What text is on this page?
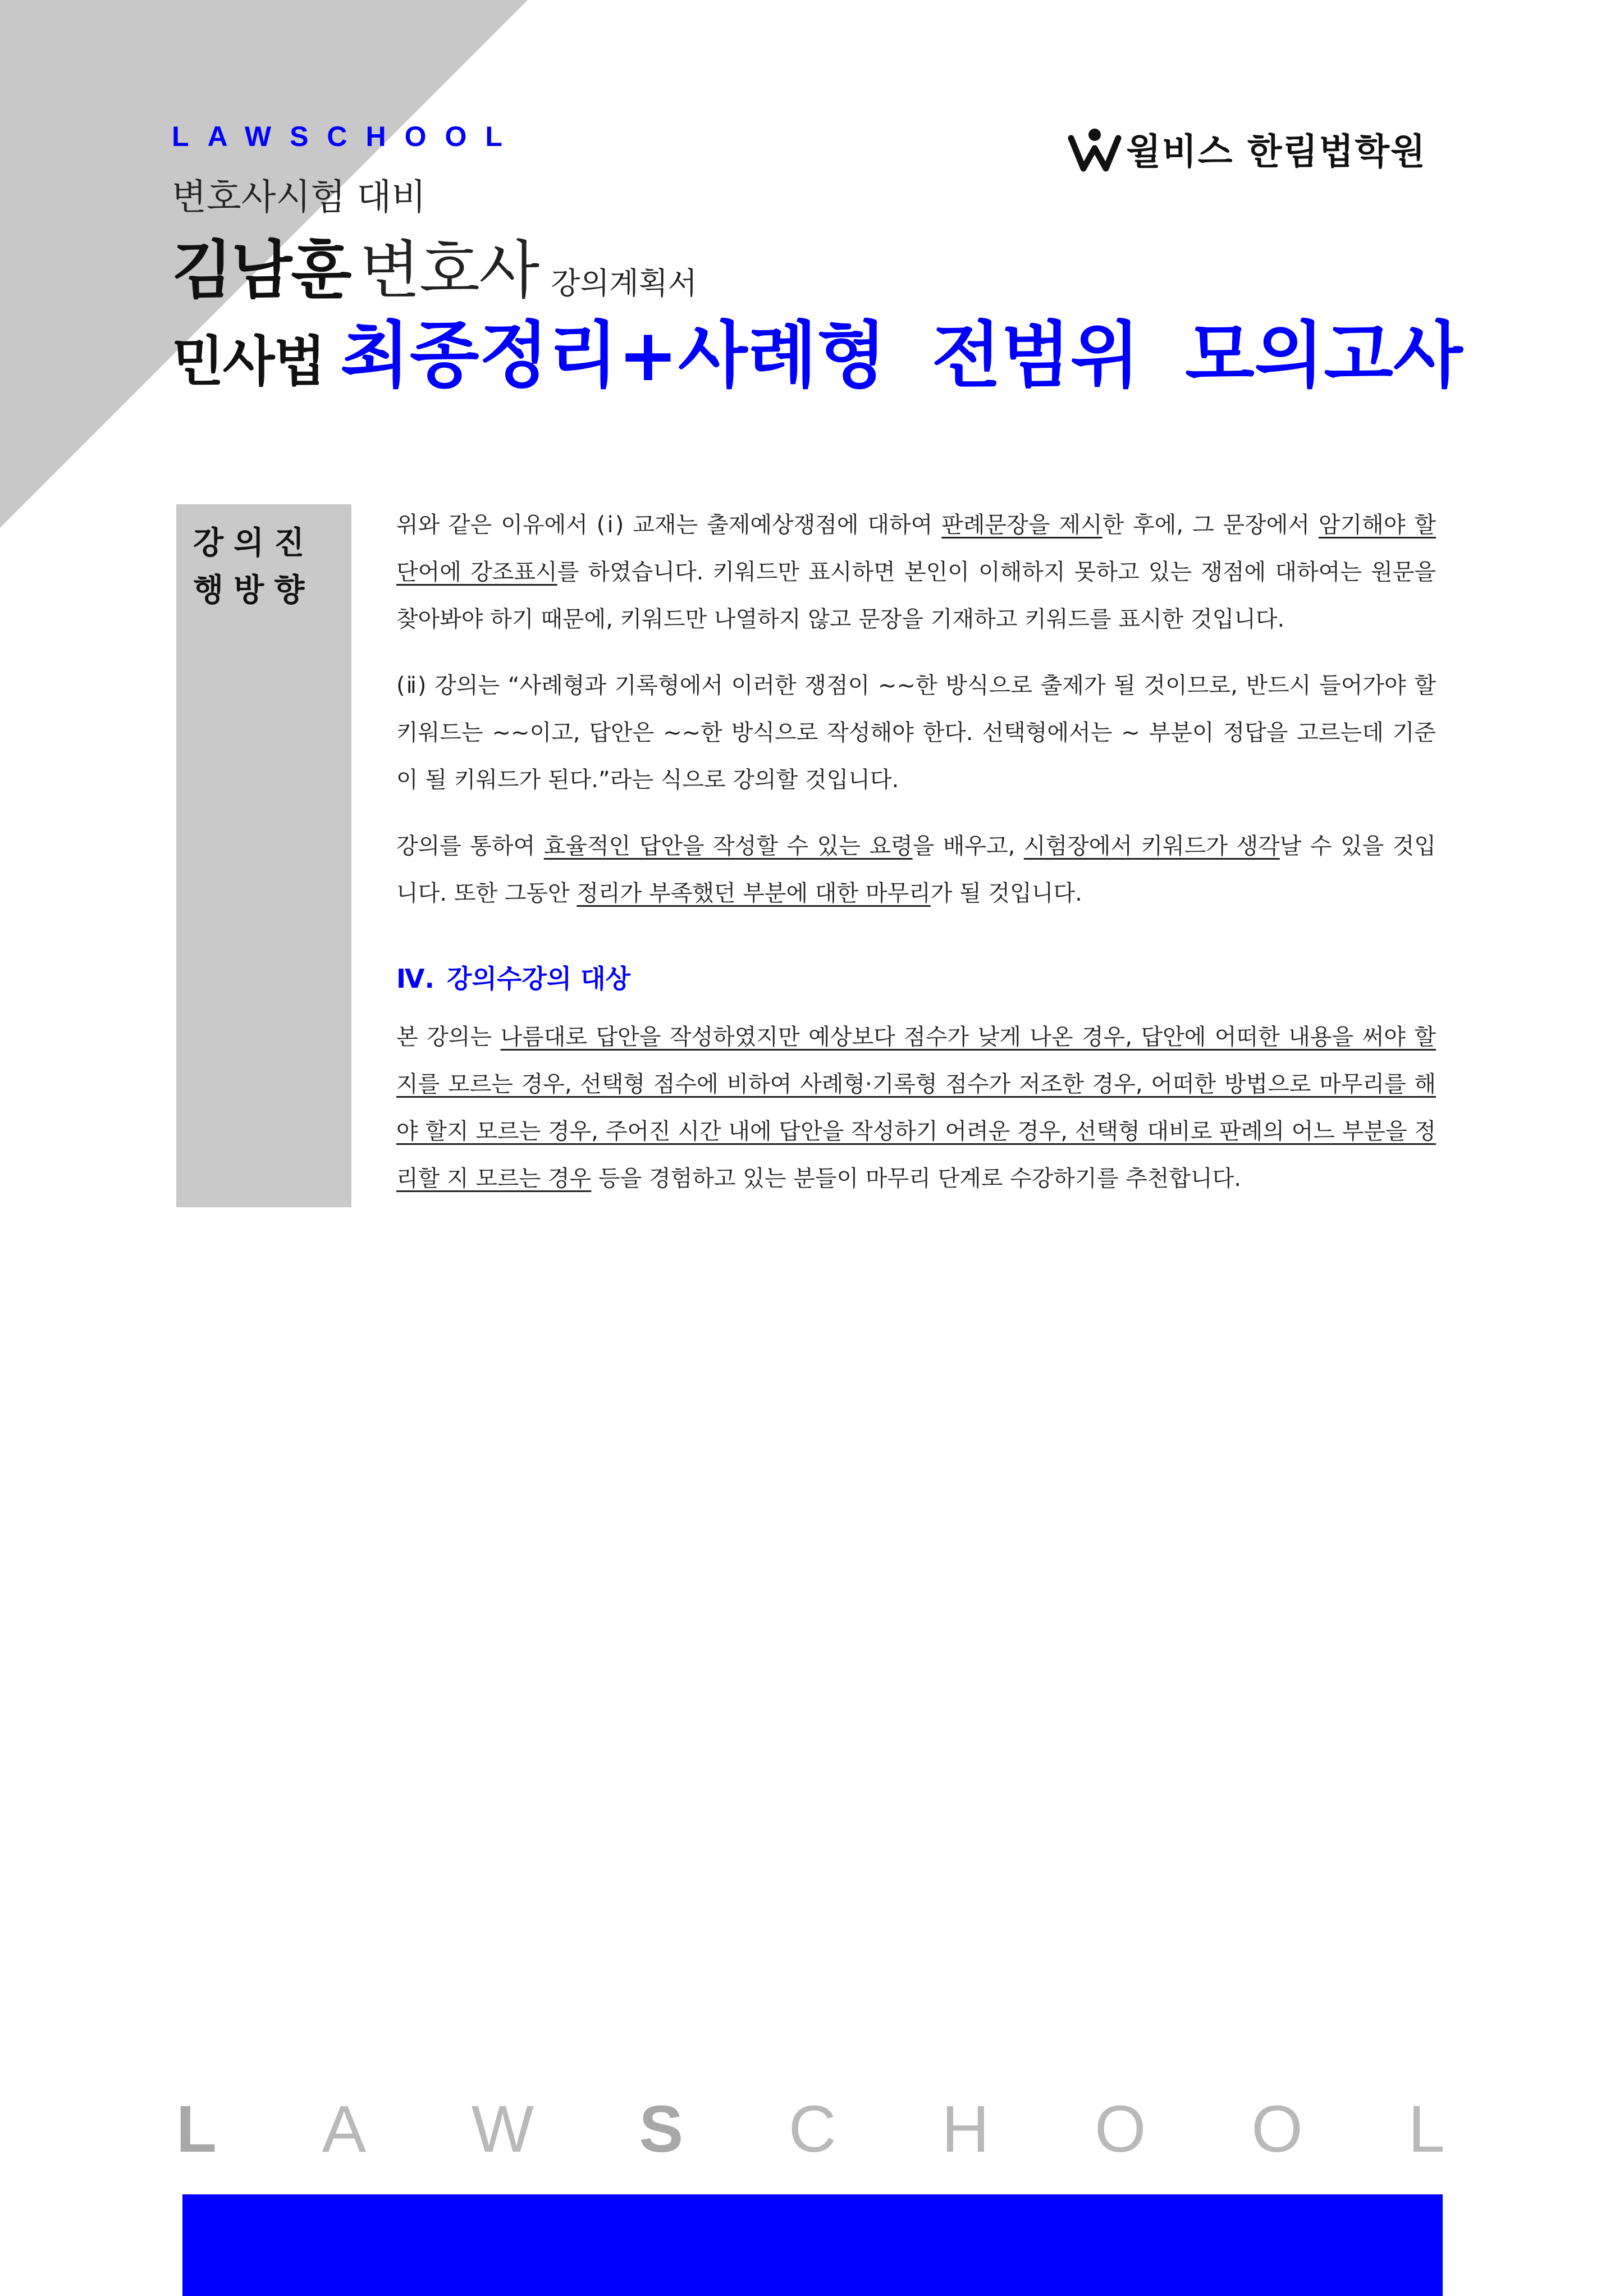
LAWSCHOOL	윌비스 한림법학원
변호사시험 대비
김남훈 변호사 강의계획서
민사법 최종정리+사례형 전범위 모의고사
강의진행방향

위와 같은 이유에서 (ⅰ) 교재는 출제예상쟁점에 대하여 판례문장을 제시한 후에, 그 문장에서 암기해야 할 단어에 강조표시를 하였습니다. 키워드만 표시하면 본인이 이해하지 못하고 있는 쟁점에 대하여는 원문을 찾아봐야 하기 때문에, 키워드만 나열하지 않고 문장을 기재하고 키워드를 표시한 것입니다.

(ⅱ) 강의는 “사례형과 기록형에서 이러한 쟁점이 ~~한 방식으로 출제가 될 것이므로, 반드시 들어가야 할 키워드는 ~~이고, 답안은 ~~한 방식으로 작성해야 한다. 선택형에서는 ~ 부분이 정답을 고르는데 기준이 될 키워드가 된다.”라는 식으로 강의할 것입니다.

강의를 통하여 효율적인 답안을 작성할 수 있는 요령을 배우고, 시험장에서 키워드가 생각날 수 있을 것입니다. 또한 그동안 정리가 부족했던 부분에 대한 마무리가 될 것입니다.

Ⅳ. 강의수강의 대상

본 강의는 나름대로 답안을 작성하였지만 예상보다 점수가 낮게 나온 경우, 답안에 어떠한 내용을 써야 할지를 모르는 경우, 선택형 점수에 비하여 사례형·기록형 점수가 저조한 경우, 어떠한 방법으로 마무리를 해야 할지 모르는 경우, 주어진 시간 내에 답안을 작성하기 어려운 경우, 선택형 대비로 판례의 어느 부분을 정리할 지 모르는 경우 등을 경험하고 있는 분들이 마무리 단계로 수강하기를 추천합니다.

L A W S C H O O L
